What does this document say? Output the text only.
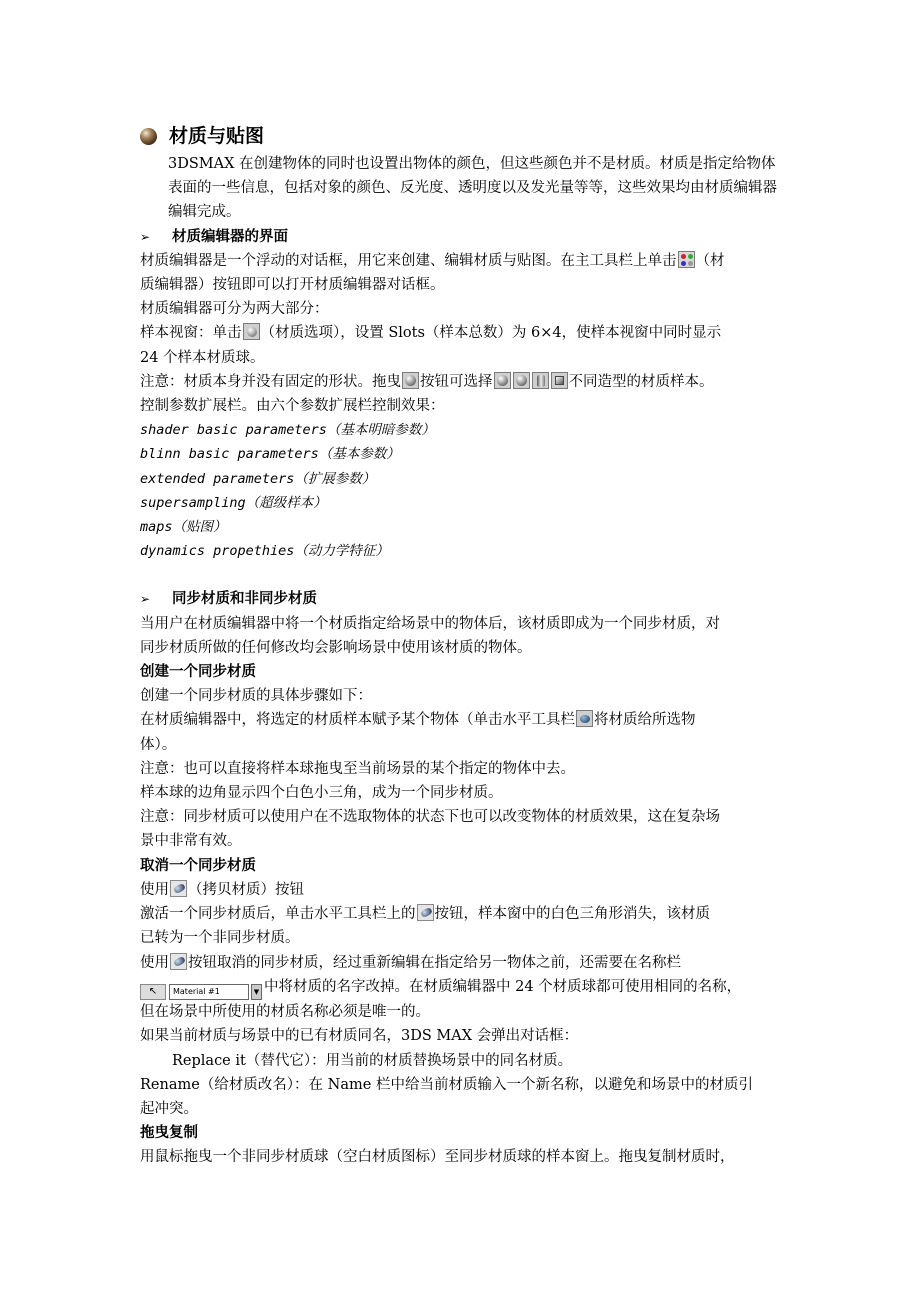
材质与贴图
3DSMAX 在创建物体的同时也设置出物体的颜色，但这些颜色并不是材质。材质是指定给物体表面的一些信息，包括对象的颜色、反光度、透明度以及发光量等等，这些效果均由材质编辑器编辑完成。
➢ 材质编辑器的界面
材质编辑器是一个浮动的对话框，用它来创建、编辑材质与贴图。在主工具栏上单击 （材
质编辑器）按钮即可以打开材质编辑器对话框。
材质编辑器可分为两大部分：
样本视窗：单击 （材质选项），设置 Slots（样本总数）为 6×4，使样本视窗中同时显示
24 个样本材质球。
注意：材质本身并没有固定的形状。拖曳 按钮可选择	不同造型的材质样本。
控制参数扩展栏。由六个参数扩展栏控制效果：
shader basic parameters（基本明暗参数）
blinn basic parameters（基本参数）
extended parameters（扩展参数）
supersampling（超级样本）
maps（贴图）
dynamics propethies（动力学特征）
➢ 同步材质和非同步材质
当用户在材质编辑器中将一个材质指定给场景中的物体后，该材质即成为一个同步材质，对
同步材质所做的任何修改均会影响场景中使用该材质的物体。
创建一个同步材质
创建一个同步材质的具体步骤如下：
在材质编辑器中，将选定的材质样本赋予某个物体（单击水平工具栏 将材质给所选物
体）。
注意：也可以直接将样本球拖曳至当前场景的某个指定的物体中去。
样本球的边角显示四个白色小三角，成为一个同步材质。
注意：同步材质可以使用户在不选取物体的状态下也可以改变物体的材质效果，这在复杂场
景中非常有效。
取消一个同步材质
使用 （拷贝材质）按钮
激活一个同步材质后，单击水平工具栏上的 按钮，样本窗中的白色三角形消失，该材质
已转为一个非同步材质。
使用 按钮取消的同步材质，经过重新编辑在指定给另一物体之前，还需要在名称栏
↖	Material #1	▼ 中将材质的名字改掉。在材质编辑器中 24 个材质球都可使用相同的名称，
但在场景中所使用的材质名称必须是唯一的。
如果当前材质与场景中的已有材质同名，3DS MAX 会弹出对话框：
Replace it（替代它）：用当前的材质替换场景中的同名材质。
Rename（给材质改名）：在 Name 栏中给当前材质输入一个新名称，以避免和场景中的材质引
起冲突。
拖曳复制
用鼠标拖曳一个非同步材质球（空白材质图标）至同步材质球的样本窗上。拖曳复制材质时，
